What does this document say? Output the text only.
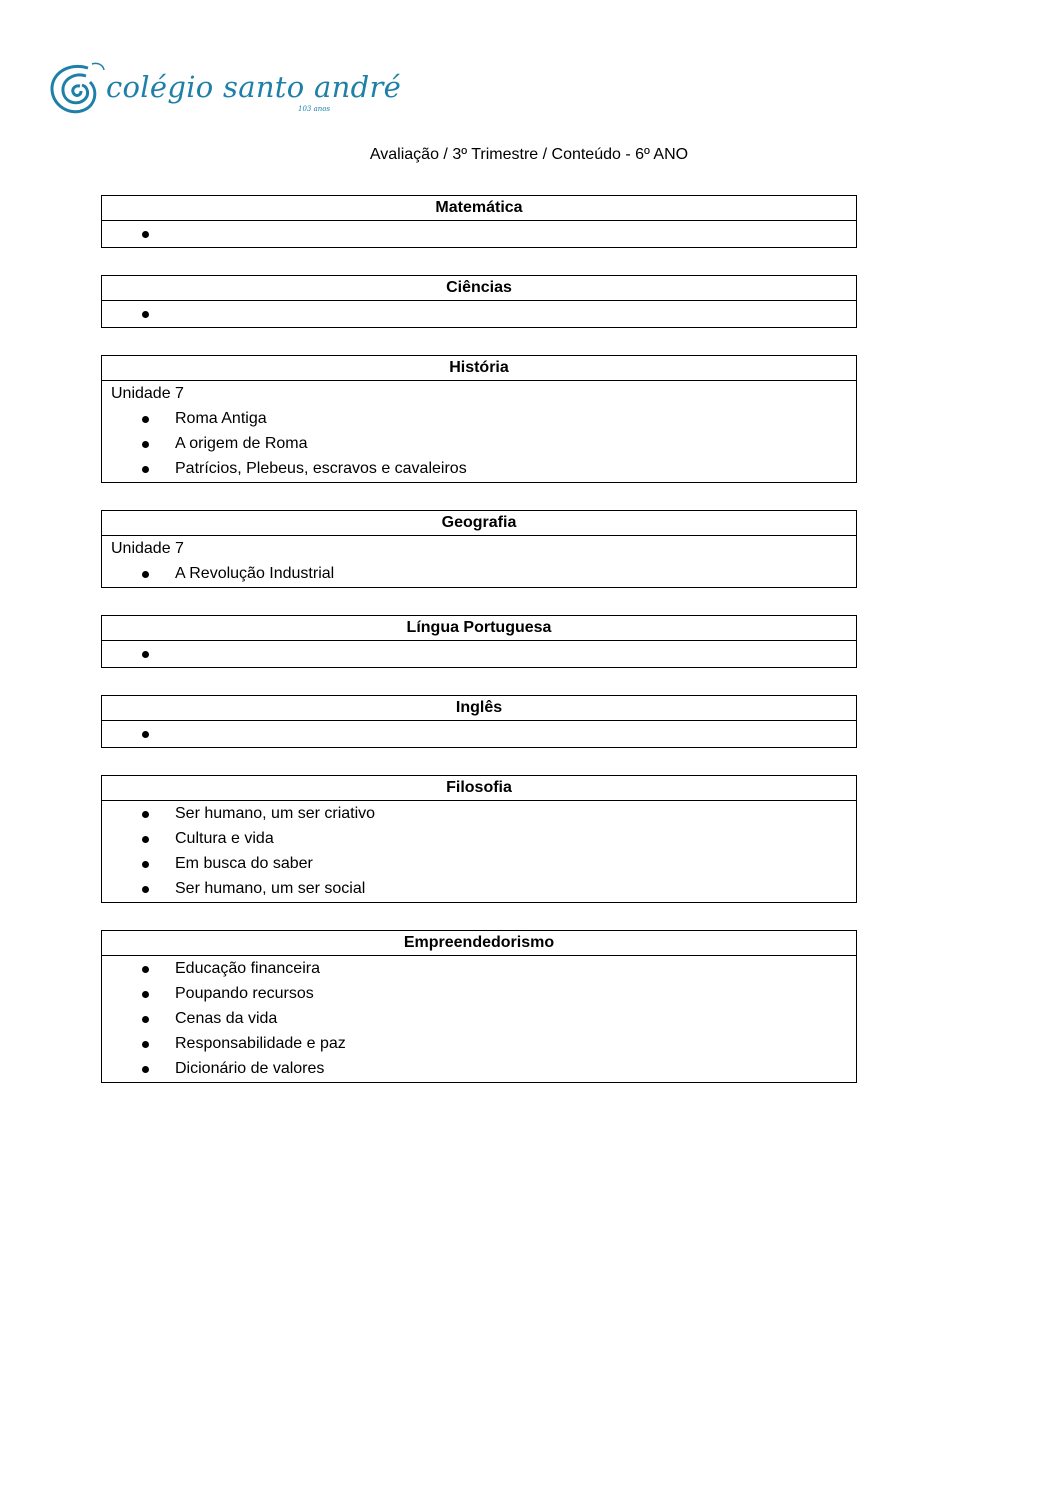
colégio santo andré
103 anos
Avaliação / 3º Trimestre / Conteúdo - 6º ANO
Matemática
Ciências
História
Unidade 7
Roma Antiga
A origem de Roma
Patrícios, Plebeus, escravos e cavaleiros
Geografia
Unidade 7
A Revolução Industrial
Língua Portuguesa
Inglês
Filosofia
Ser humano, um ser criativo
Cultura e vida
Em busca do saber
Ser humano, um ser social
Empreendedorismo
Educação financeira
Poupando recursos
Cenas da vida
Responsabilidade e paz
Dicionário de valores
